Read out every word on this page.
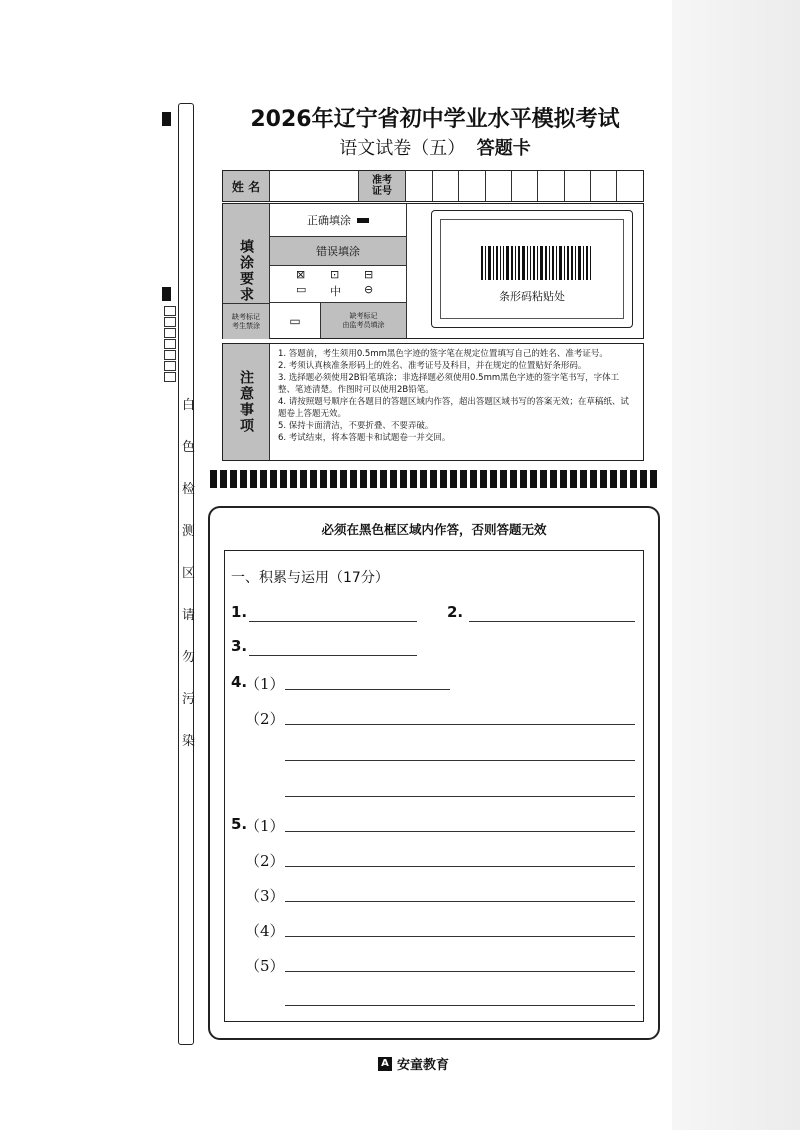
白
色
检
测
区
请
勿
污
染
2026年辽宁省初中学业水平模拟考试
语文试卷（五） 答题卡
姓 名	准考
证号
填涂要求
正确填涂
错误填涂
⊠ ⊡ ⊟
▭ 中 ⊖
缺考标记
考生禁涂	▭	缺考标记
由监考员填涂
条形码粘贴处
注意事项
1. 答题前，考生须用0.5mm黑色字迹的签字笔在规定位置填写自己的姓名、准考证号。
2. 考须认真核准条形码上的姓名、准考证号及科目，并在规定的位置贴好条形码。
3. 选择题必须使用2B铅笔填涂；非选择题必须使用0.5mm黑色字迹的签字笔书写，字体工整、笔迹清楚。作图时可以使用2B铅笔。
4. 请按照题号顺序在各题目的答题区域内作答，超出答题区域书写的答案无效；在草稿纸、试题卷上答题无效。
5. 保持卡面清洁，不要折叠、不要弄破。
6. 考试结束，将本答题卡和试题卷一并交回。
必须在黑色框区域内作答，否则答题无效
一、积累与运用（17分）
1.	2.
3.
4.
（1）
（2）
5.
（1）
（2）
（3）
（4）
（5）
A 安童教育
